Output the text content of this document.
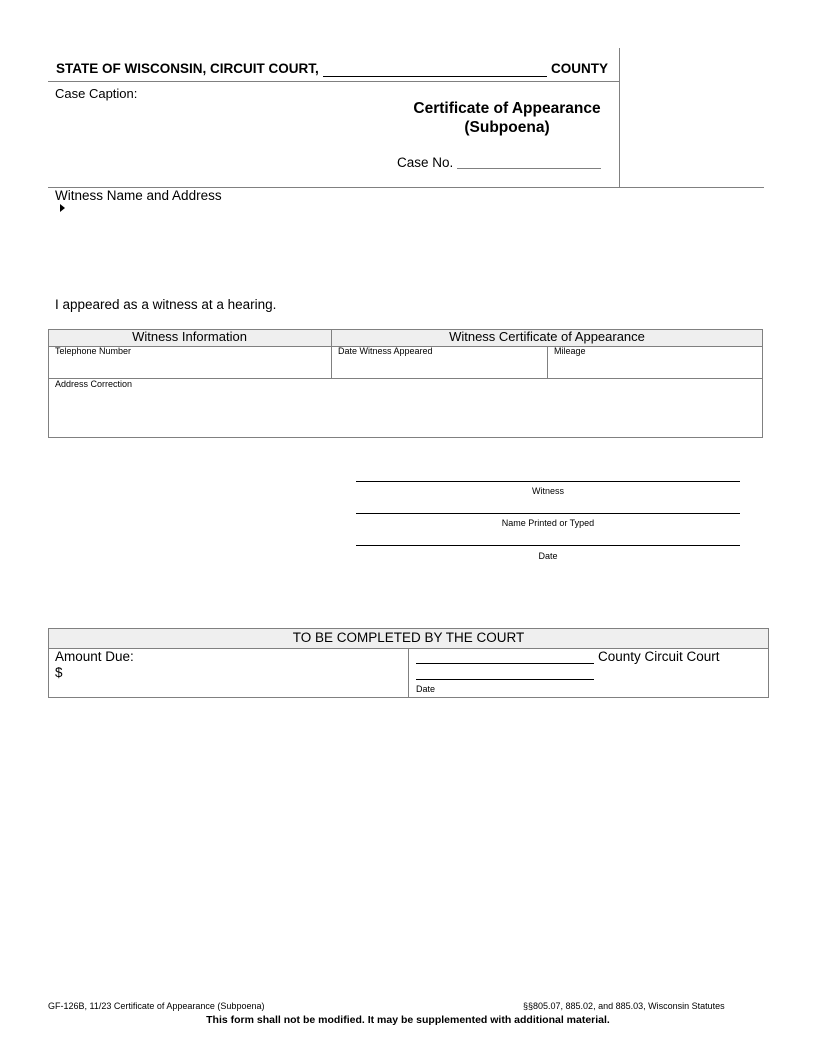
STATE OF WISCONSIN, CIRCUIT COURT,	COUNTY
Case Caption:
Certificate of Appearance
(Subpoena)
Case No.
Witness Name and Address
I appeared as a witness at a hearing.
Witness Information	Witness Certificate of Appearance
Telephone Number	Date Witness Appeared	Mileage
Address Correction
Witness
Name Printed or Typed
Date
TO BE COMPLETED BY THE COURT
Amount Due:
$
County Circuit Court
Date
GF-126B, 11/23 Certificate of Appearance (Subpoena)	§§805.07, 885.02, and 885.03, Wisconsin Statutes
This form shall not be modified. It may be supplemented with additional material.
